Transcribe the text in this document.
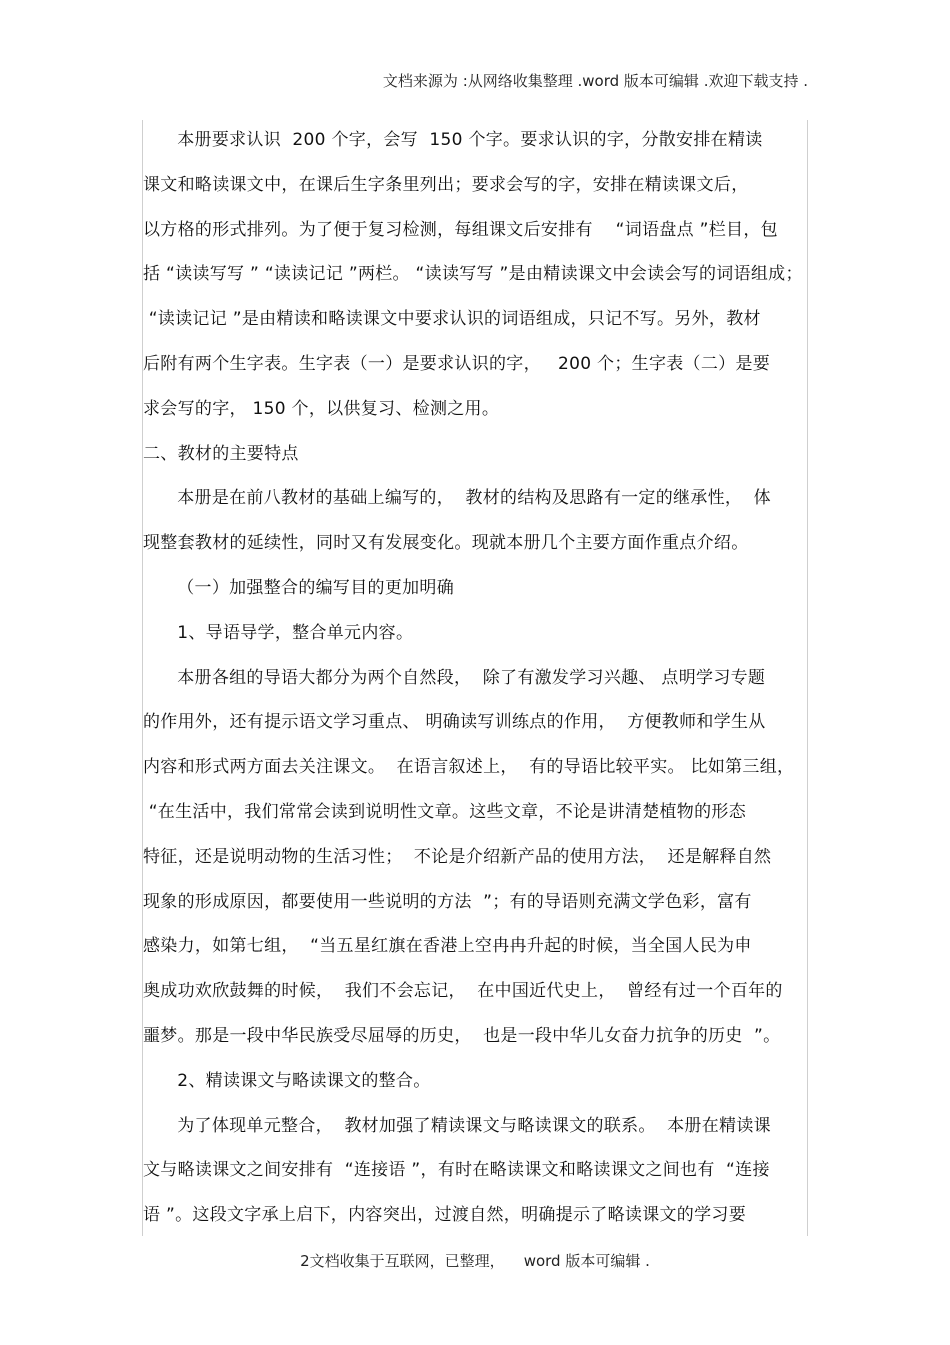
文档来源为 :从网络收集整理 .word 版本可编辑 .欢迎下载支持 .
本册要求认识  200 个字，会写  150 个字。要求认识的字，分散安排在精读
课文和略读课文中，在课后生字条里列出；要求会写的字，安排在精读课文后，
以方格的形式排列。为了便于复习检测，每组课文后安排有    “词语盘点 ”栏目，包
括 “读读写写 ” “读读记记 ”两栏。 “读读写写 ”是由精读课文中会读会写的词语组成；
“读读记记 ”是由精读和略读课文中要求认识的词语组成，只记不写。另外，教材
后附有两个生字表。生字表（一）是要求认识的字，   200 个；生字表（二）是要
求会写的字， 150 个，以供复习、检测之用。
二、教材的主要特点
本册是在前八教材的基础上编写的，  教材的结构及思路有一定的继承性，  体
现整套教材的延续性，同时又有发展变化。现就本册几个主要方面作重点介绍。
（一）加强整合的编写目的更加明确
1、导语导学，整合单元内容。
本册各组的导语大都分为两个自然段，  除了有激发学习兴趣、 点明学习专题
的作用外，还有提示语文学习重点、 明确读写训练点的作用，  方便教师和学生从
内容和形式两方面去关注课文。  在语言叙述上，  有的导语比较平实。 比如第三组，
“在生活中，我们常常会读到说明性文章。这些文章，不论是讲清楚植物的形态
特征，还是说明动物的生活习性；  不论是介绍新产品的使用方法，  还是解释自然
现象的形成原因，都要使用一些说明的方法  ”；有的导语则充满文学色彩，富有
感染力，如第七组，  “当五星红旗在香港上空冉冉升起的时候，当全国人民为申
奥成功欢欣鼓舞的时候，  我们不会忘记，  在中国近代史上，  曾经有过一个百年的
噩梦。那是一段中华民族受尽屈辱的历史，  也是一段中华儿女奋力抗争的历史  ”。
2、精读课文与略读课文的整合。
为了体现单元整合，  教材加强了精读课文与略读课文的联系。  本册在精读课
文与略读课文之间安排有  “连接语 ”，有时在略读课文和略读课文之间也有  “连接
语 ”。这段文字承上启下，内容突出，过渡自然，明确提示了略读课文的学习要
2文档收集于互联网，已整理，    word 版本可编辑 .
